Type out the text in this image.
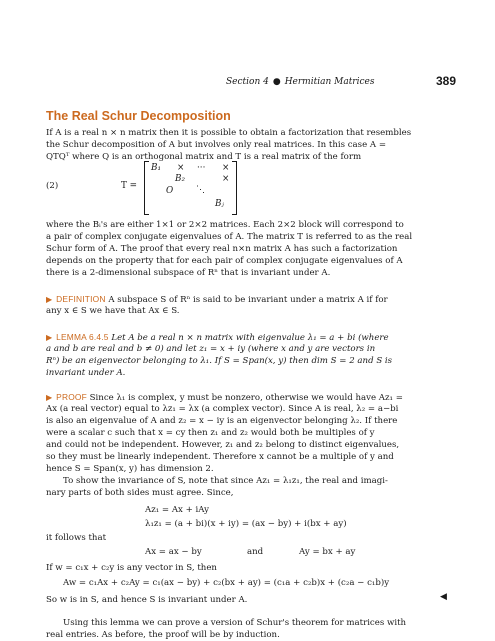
Section 4 ● Hermitian Matrices	389
The Real Schur Decomposition
If A is a real n × n matrix then it is possible to obtain a factorization that resembles
the Schur decomposition of A but involves only real matrices. In this case A =
QTQᵀ where Q is an orthogonal matrix and T is a real matrix of the form
(2)	T =
B₁ × ··· ×
B₂	×
O	⋱
Bⱼ
where the Bᵢ's are either 1×1 or 2×2 matrices. Each 2×2 block will correspond to
a pair of complex conjugate eigenvalues of A. The matrix T is referred to as the real
Schur form of A. The proof that every real n×n matrix A has such a factorization
depends on the property that for each pair of complex conjugate eigenvalues of A
there is a 2-dimensional subspace of Rⁿ that is invariant under A.
▶ DEFINITION A subspace S of Rⁿ is said to be invariant under a matrix A if for
any x ∈ S we have that Ax ∈ S.
▶ LEMMA 6.4.5 Let A be a real n × n matrix with eigenvalue λ₁ = a + bi (where
a and b are real and b ≠ 0) and let z₁ = x + iy (where x and y are vectors in
Rⁿ) be an eigenvector belonging to λ₁. If S = Span(x, y) then dim S = 2 and S is
invariant under A.
▶ PROOF Since λ₁ is complex, y must be nonzero, otherwise we would have Az₁ =
Ax (a real vector) equal to λz₁ = λx (a complex vector). Since A is real, λ₂ = a−bi
is also an eigenvalue of A and z₂ = x − iy is an eigenvector belonging λ₂. If there
were a scalar c such that x = cy then z₁ and z₂ would both be multiples of y
and could not be independent. However, z₁ and z₂ belong to distinct eigenvalues,
so they must be linearly independent. Therefore x cannot be a multiple of y and
hence S = Span(x, y) has dimension 2.
To show the invariance of S, note that since Az₁ = λ₁z₁, the real and imagi-
nary parts of both sides must agree. Since,
Az₁ = Ax + iAy
λ₁z₁ = (a + bi)(x + iy) = (ax − by) + i(bx + ay)
it follows that
Ax = ax − by	and	Ay = bx + ay
If w = c₁x + c₂y is any vector in S, then
Aw = c₁Ax + c₂Ay = c₁(ax − by) + c₂(bx + ay) = (c₁a + c₂b)x + (c₂a − c₁b)y
So w is in S, and hence S is invariant under A.	◀
Using this lemma we can prove a version of Schur's theorem for matrices with
real entries. As before, the proof will be by induction.
